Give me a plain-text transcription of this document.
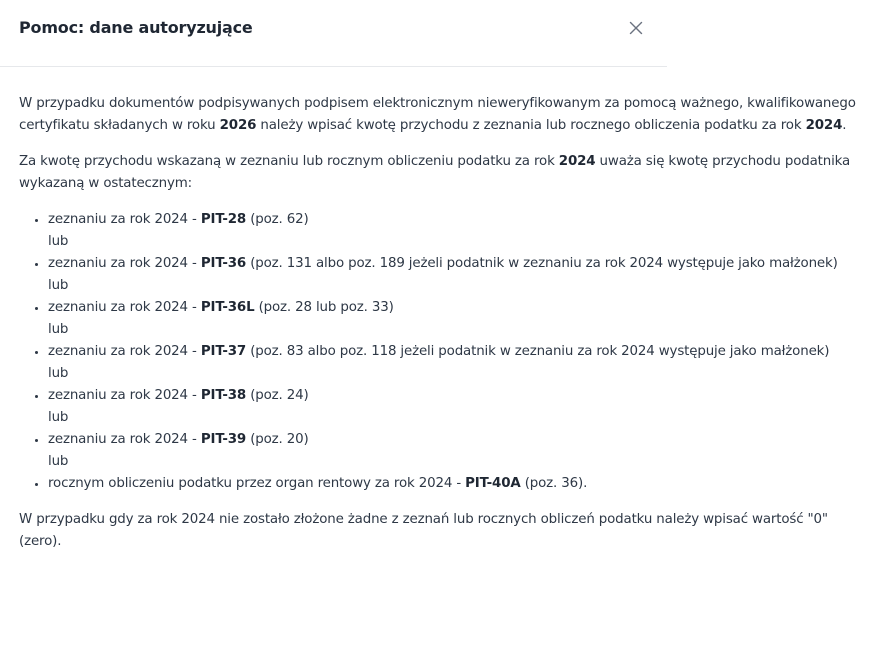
Pomoc: dane autoryzujące

W przypadku dokumentów podpisywanych podpisem elektronicznym nieweryfikowanym za pomocą ważnego, kwalifikowanego certyfikatu składanych w roku 2026 należy wpisać kwotę przychodu z zeznania lub rocznego obliczenia podatku za rok 2024.

Za kwotę przychodu wskazaną w zeznaniu lub rocznym obliczeniu podatku za rok 2024 uważa się kwotę przychodu podatnika wykazaną w ostatecznym:

• zeznaniu za rok 2024 - PIT-28 (poz. 62)
lub
• zeznaniu za rok 2024 - PIT-36 (poz. 131 albo poz. 189 jeżeli podatnik w zeznaniu za rok 2024 występuje jako małżonek)
lub
• zeznaniu za rok 2024 - PIT-36L (poz. 28 lub poz. 33)
lub
• zeznaniu za rok 2024 - PIT-37 (poz. 83 albo poz. 118 jeżeli podatnik w zeznaniu za rok 2024 występuje jako małżonek)
lub
• zeznaniu za rok 2024 - PIT-38 (poz. 24)
lub
• zeznaniu za rok 2024 - PIT-39 (poz. 20)
lub
• rocznym obliczeniu podatku przez organ rentowy za rok 2024 - PIT-40A (poz. 36).

W przypadku gdy za rok 2024 nie zostało złożone żadne z zeznań lub rocznych obliczeń podatku należy wpisać wartość "0" (zero).
